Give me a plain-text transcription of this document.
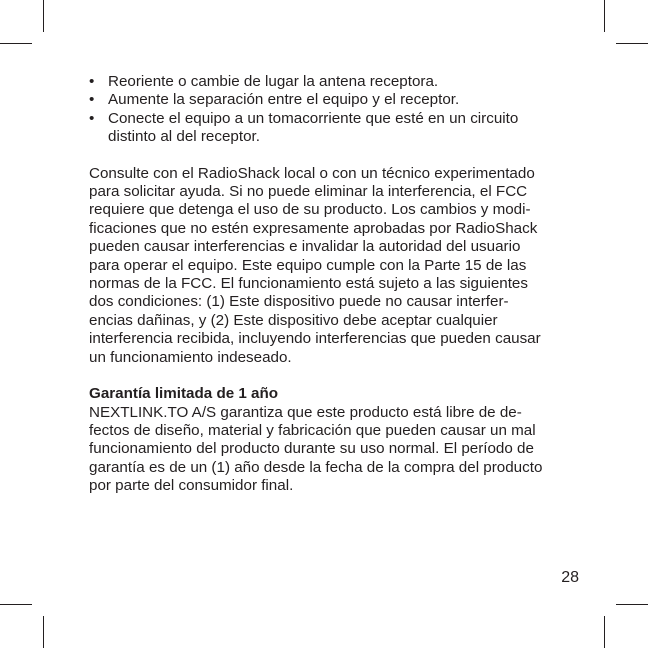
• Reoriente o cambie de lugar la antena receptora.
• Aumente la separación entre el equipo y el receptor.
• Conecte el equipo a un tomacorriente que esté en un circuito distinto al del receptor.

Consulte con el RadioShack local o con un técnico experimentado
para solicitar ayuda. Si no puede eliminar la interferencia, el FCC
requiere que detenga el uso de su producto. Los cambios y modi-
ficaciones que no estén expresamente aprobadas por RadioShack
pueden causar interferencias e invalidar la autoridad del usuario
para operar el equipo. Este equipo cumple con la Parte 15 de las
normas de la FCC. El funcionamiento está sujeto a las siguientes
dos condiciones: (1) Este dispositivo puede no causar interfer-
encias dañinas, y (2) Este dispositivo debe aceptar cualquier
interferencia recibida, incluyendo interferencias que pueden causar
un funcionamiento indeseado.

Garantía limitada de 1 año

NEXTLINK.TO A/S garantiza que este producto está libre de de-
fectos de diseño, material y fabricación que pueden causar un mal
funcionamiento del producto durante su uso normal. El período de
garantía es de un (1) año desde la fecha de la compra del producto
por parte del consumidor final.

28
